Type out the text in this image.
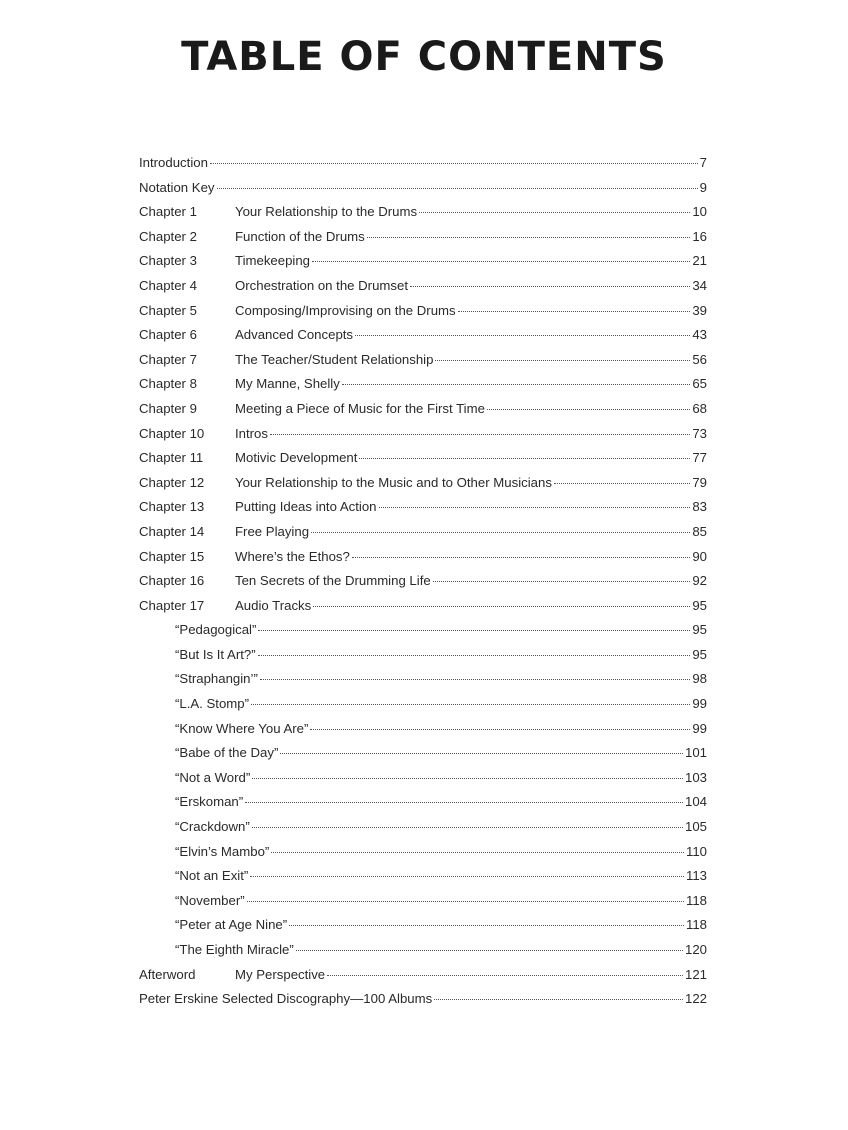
TABLE OF CONTENTS
Introduction	7
Notation Key	9
Chapter 1	Your Relationship to the Drums	10
Chapter 2	Function of the Drums	16
Chapter 3	Timekeeping	21
Chapter 4	Orchestration on the Drumset	34
Chapter 5	Composing/Improvising on the Drums	39
Chapter 6	Advanced Concepts	43
Chapter 7	The Teacher/Student Relationship	56
Chapter 8	My Manne, Shelly	65
Chapter 9	Meeting a Piece of Music for the First Time	68
Chapter 10	Intros	73
Chapter 11	Motivic Development	77
Chapter 12	Your Relationship to the Music and to Other Musicians	79
Chapter 13	Putting Ideas into Action	83
Chapter 14	Free Playing	85
Chapter 15	Where’s the Ethos?	90
Chapter 16	Ten Secrets of the Drumming Life	92
Chapter 17	Audio Tracks	95
“Pedagogical”	95
“But Is It Art?”	95
“Straphangin’”	98
“L.A. Stomp”	99
“Know Where You Are”	99
“Babe of the Day”	101
“Not a Word”	103
“Erskoman”	104
“Crackdown”	105
“Elvin’s Mambo”	110
“Not an Exit”	113
“November”	118
“Peter at Age Nine”	118
“The Eighth Miracle”	120
Afterword	My Perspective	121
Peter Erskine Selected Discography—100 Albums	122
